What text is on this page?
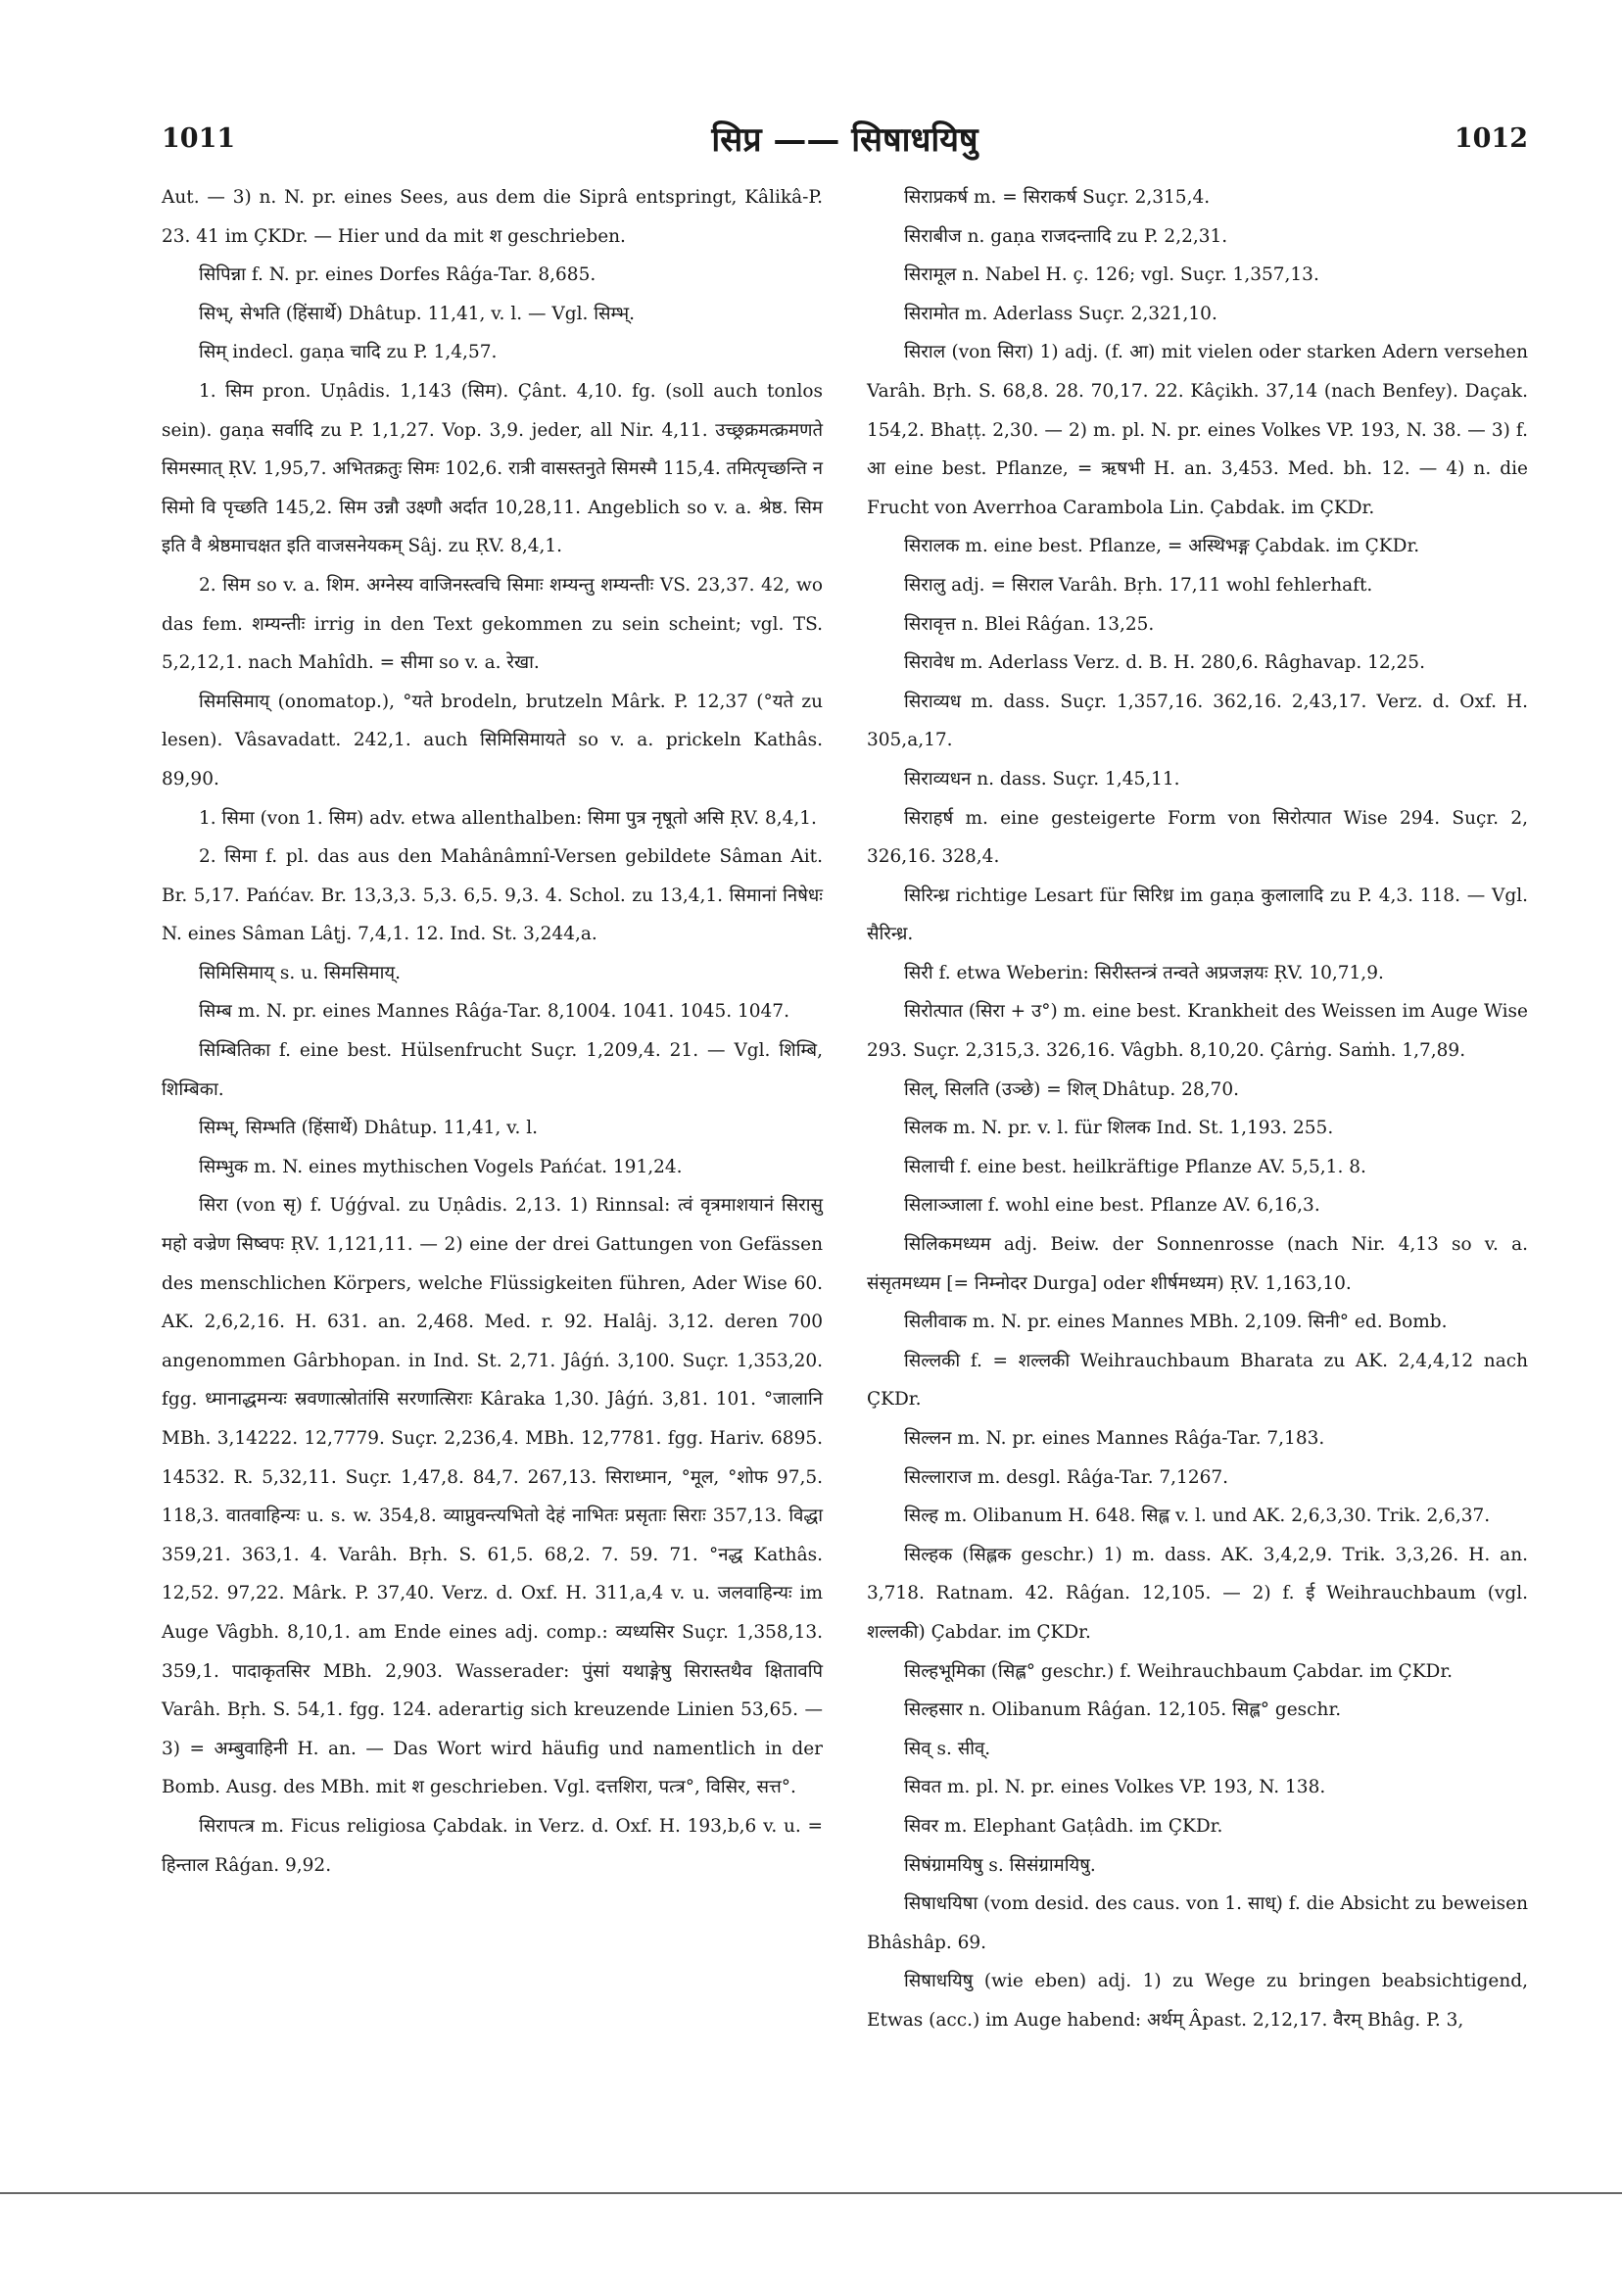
1011	सिप्र —— सिषाधयिषु	1012

Aut. — 3) n. N. pr. eines Sees, aus dem die Siprâ entspringt, Kâlikâ-P. 23. 41 im ÇKDr. — Hier und da mit श geschrieben.

सिपिन्ना f. N. pr. eines Dorfes Râǵa-Tar. 8,685.

सिभ्, सेभति (हिंसार्थे) Dhâtup. 11,41, v. l. — Vgl. सिम्भ्.

सिम् indecl. gaṇa चादि zu P. 1,4,57.

1. सिम pron. Uṇâdis. 1,143 (सिम). Çânt. 4,10. fg. (soll auch tonlos sein). gaṇa सर्वादि zu P. 1,1,27. Vop. 3,9. jeder, all Nir. 4,11. उच्छ्रक्रमत्क्रमणते सिमस्मात् ṚV. 1,95,7. अभितक्रतुः सिमः 102,6. रात्री वासस्तनुते सिमस्मै 115,4. तमित्पृच्छन्ति न सिमो वि पृच्छति 145,2. सिम उन्नौ उक्ष्णौ अर्दात 10,28,11. Angeblich so v. a. श्रेष्ठ. सिम इति वै श्रेष्ठमाचक्षत इति वाजसनेयकम् Sâj. zu ṚV. 8,4,1.

2. सिम so v. a. शिम. अग्नेस्य वाजिनस्त्वचि सिमाः शम्यन्तु शम्यन्तीः VS. 23,37. 42, wo das fem. शम्यन्तीः irrig in den Text gekommen zu sein scheint; vgl. TS. 5,2,12,1. nach Mahîdh. = सीमा so v. a. रेखा.

सिमसिमाय् (onomatop.), °यते brodeln, brutzeln Mârk. P. 12,37 (°यते zu lesen). Vâsavadatt. 242,1. auch सिमिसिमायते so v. a. prickeln Kathâs. 89,90.

1. सिमा (von 1. सिम) adv. etwa allenthalben: सिमा पुत्र नृषूतो असि ṚV. 8,4,1.

2. सिमा f. pl. das aus den Mahânâmnî-Versen gebildete Sâman Ait. Br. 5,17. Pańćav. Br. 13,3,3. 5,3. 6,5. 9,3. 4. Schol. zu 13,4,1. सिमानां निषेधः N. eines Sâman Lâṭj. 7,4,1. 12. Ind. St. 3,244,a.

सिमिसिमाय् s. u. सिमसिमाय्.

सिम्ब m. N. pr. eines Mannes Râǵa-Tar. 8,1004. 1041. 1045. 1047.

सिम्बितिका f. eine best. Hülsenfrucht Suçr. 1,209,4. 21. — Vgl. शिम्बि, शिम्बिका.

सिम्भ्, सिम्भति (हिंसार्थे) Dhâtup. 11,41, v. l.

सिम्भुक m. N. eines mythischen Vogels Pańćat. 191,24.

सिरा (von सृ) f. Uǵǵval. zu Uṇâdis. 2,13. 1) Rinnsal: त्वं वृत्रमाशयानं सिरासु महो वज्रेण सिष्वपः ṚV. 1,121,11. — 2) eine der drei Gattungen von Gefässen des menschlichen Körpers, welche Flüssigkeiten führen, Ader Wise 60. AK. 2,6,2,16. H. 631. an. 2,468. Med. r. 92. Halâj. 3,12. deren 700 angenommen Gârbhopan. in Ind. St. 2,71. Jâǵń. 3,100. Suçr. 1,353,20. fgg. ध्मानाद्धमन्यः स्रवणात्स्रोतांसि सरणात्सिराः Kâraka 1,30. Jâǵń. 3,81. 101. °जालानि MBh. 3,14222. 12,7779. Suçr. 2,236,4. MBh. 12,7781. fgg. Hariv. 6895. 14532. R. 5,32,11. Suçr. 1,47,8. 84,7. 267,13. सिराध्मान, °मूल, °शोफ 97,5. 118,3. वातवाहिन्यः u. s. w. 354,8. व्याप्नुवन्त्यभितो देहं नाभितः प्रसृताः सिराः 357,13. विद्धा 359,21. 363,1. 4. Varâh. Bṛh. S. 61,5. 68,2. 7. 59. 71. °नद्ध Kathâs. 12,52. 97,22. Mârk. P. 37,40. Verz. d. Oxf. H. 311,a,4 v. u. जलवाहिन्यः im Auge Vâgbh. 8,10,1. am Ende eines adj. comp.: व्यध्यसिर Suçr. 1,358,13. 359,1. पादाकृतसिर MBh. 2,903. Wasserader: पुंसां यथाङ्गेषु सिरास्तथैव क्षितावपि Varâh. Bṛh. S. 54,1. fgg. 124. aderartig sich kreuzende Linien 53,65. — 3) = अम्बुवाहिनी H. an. — Das Wort wird häufig und namentlich in der Bomb. Ausg. des MBh. mit श geschrieben. Vgl. दत्तशिरा, पत्त्र°, विसिर, सत्त°.

सिरापत्त्र m. Ficus religiosa Çabdak. in Verz. d. Oxf. H. 193,b,6 v. u. = हिन्ताल Râǵan. 9,92.

सिराप्रकर्ष m. = सिराकर्ष Suçr. 2,315,4.

सिराबीज n. gaṇa राजदन्तादि zu P. 2,2,31.

सिरामूल n. Nabel H. ç. 126; vgl. Suçr. 1,357,13.

सिरामोत m. Aderlass Suçr. 2,321,10.

सिराल (von सिरा) 1) adj. (f. आ) mit vielen oder starken Adern versehen Varâh. Bṛh. S. 68,8. 28. 70,17. 22. Kâçikh. 37,14 (nach Benfey). Daçak. 154,2. Bhaṭṭ. 2,30. — 2) m. pl. N. pr. eines Volkes VP. 193, N. 38. — 3) f. आ eine best. Pflanze, = ऋषभी H. an. 3,453. Med. bh. 12. — 4) n. die Frucht von Averrhoa Carambola Lin. Çabdak. im ÇKDr.

सिरालक m. eine best. Pflanze, = अस्थिभङ्ग Çabdak. im ÇKDr.

सिरालु adj. = सिराल Varâh. Bṛh. 17,11 wohl fehlerhaft.

सिरावृत्त n. Blei Râǵan. 13,25.

सिरावेध m. Aderlass Verz. d. B. H. 280,6. Râghavap. 12,25.

सिराव्यध m. dass. Suçr. 1,357,16. 362,16. 2,43,17. Verz. d. Oxf. H. 305,a,17.

सिराव्यधन n. dass. Suçr. 1,45,11.

सिराहर्ष m. eine gesteigerte Form von सिरोत्पात Wise 294. Suçr. 2, 326,16. 328,4.

सिरिन्ध्र richtige Lesart für सिरिध्र im gaṇa कुलालादि zu P. 4,3. 118. — Vgl. सैरिन्ध्र.

सिरी f. etwa Weberin: सिरीस्तन्त्रं तन्वते अप्रजज्ञयः ṚV. 10,71,9.

सिरोत्पात (सिरा + उ°) m. eine best. Krankheit des Weissen im Auge Wise 293. Suçr. 2,315,3. 326,16. Vâgbh. 8,10,20. Çârṅg. Saṁh. 1,7,89.

सिल्, सिलति (उञ्छे) = शिल् Dhâtup. 28,70.

सिलक m. N. pr. v. l. für शिलक Ind. St. 1,193. 255.

सिलाची f. eine best. heilkräftige Pflanze AV. 5,5,1. 8.

सिलाञ्जाला f. wohl eine best. Pflanze AV. 6,16,3.

सिलिकमध्यम adj. Beiw. der Sonnenrosse (nach Nir. 4,13 so v. a. संसृतमध्यम [= निम्नोदर Durga] oder शीर्षमध्यम) ṚV. 1,163,10.

सिलीवाक m. N. pr. eines Mannes MBh. 2,109. सिनी° ed. Bomb.

सिल्लकी f. = शल्लकी Weihrauchbaum Bharata zu AK. 2,4,4,12 nach ÇKDr.

सिल्लन m. N. pr. eines Mannes Râǵa-Tar. 7,183.

सिल्लाराज m. desgl. Râǵa-Tar. 7,1267.

सिल्ह m. Olibanum H. 648. सिह्ल v. l. und AK. 2,6,3,30. Trik. 2,6,37.

सिल्हक (सिह्लक geschr.) 1) m. dass. AK. 3,4,2,9. Trik. 3,3,26. H. an. 3,718. Ratnam. 42. Râǵan. 12,105. — 2) f. ई Weihrauchbaum (vgl. शल्लकी) Çabdar. im ÇKDr.

सिल्हभूमिका (सिह्ल° geschr.) f. Weihrauchbaum Çabdar. im ÇKDr.

सिल्हसार n. Olibanum Râǵan. 12,105. सिह्ल° geschr.

सिव् s. सीव्.

सिवत m. pl. N. pr. eines Volkes VP. 193, N. 138.

सिवर m. Elephant Gaṭâdh. im ÇKDr.

सिषंग्रामयिषु s. सिसंग्रामयिषु.

सिषाधयिषा (vom desid. des caus. von 1. साध्) f. die Absicht zu beweisen Bhâshâp. 69.

सिषाधयिषु (wie eben) adj. 1) zu Wege zu bringen beabsichtigend, Etwas (acc.) im Auge habend: अर्थम् Âpast. 2,12,17. वैरम् Bhâg. P. 3,
